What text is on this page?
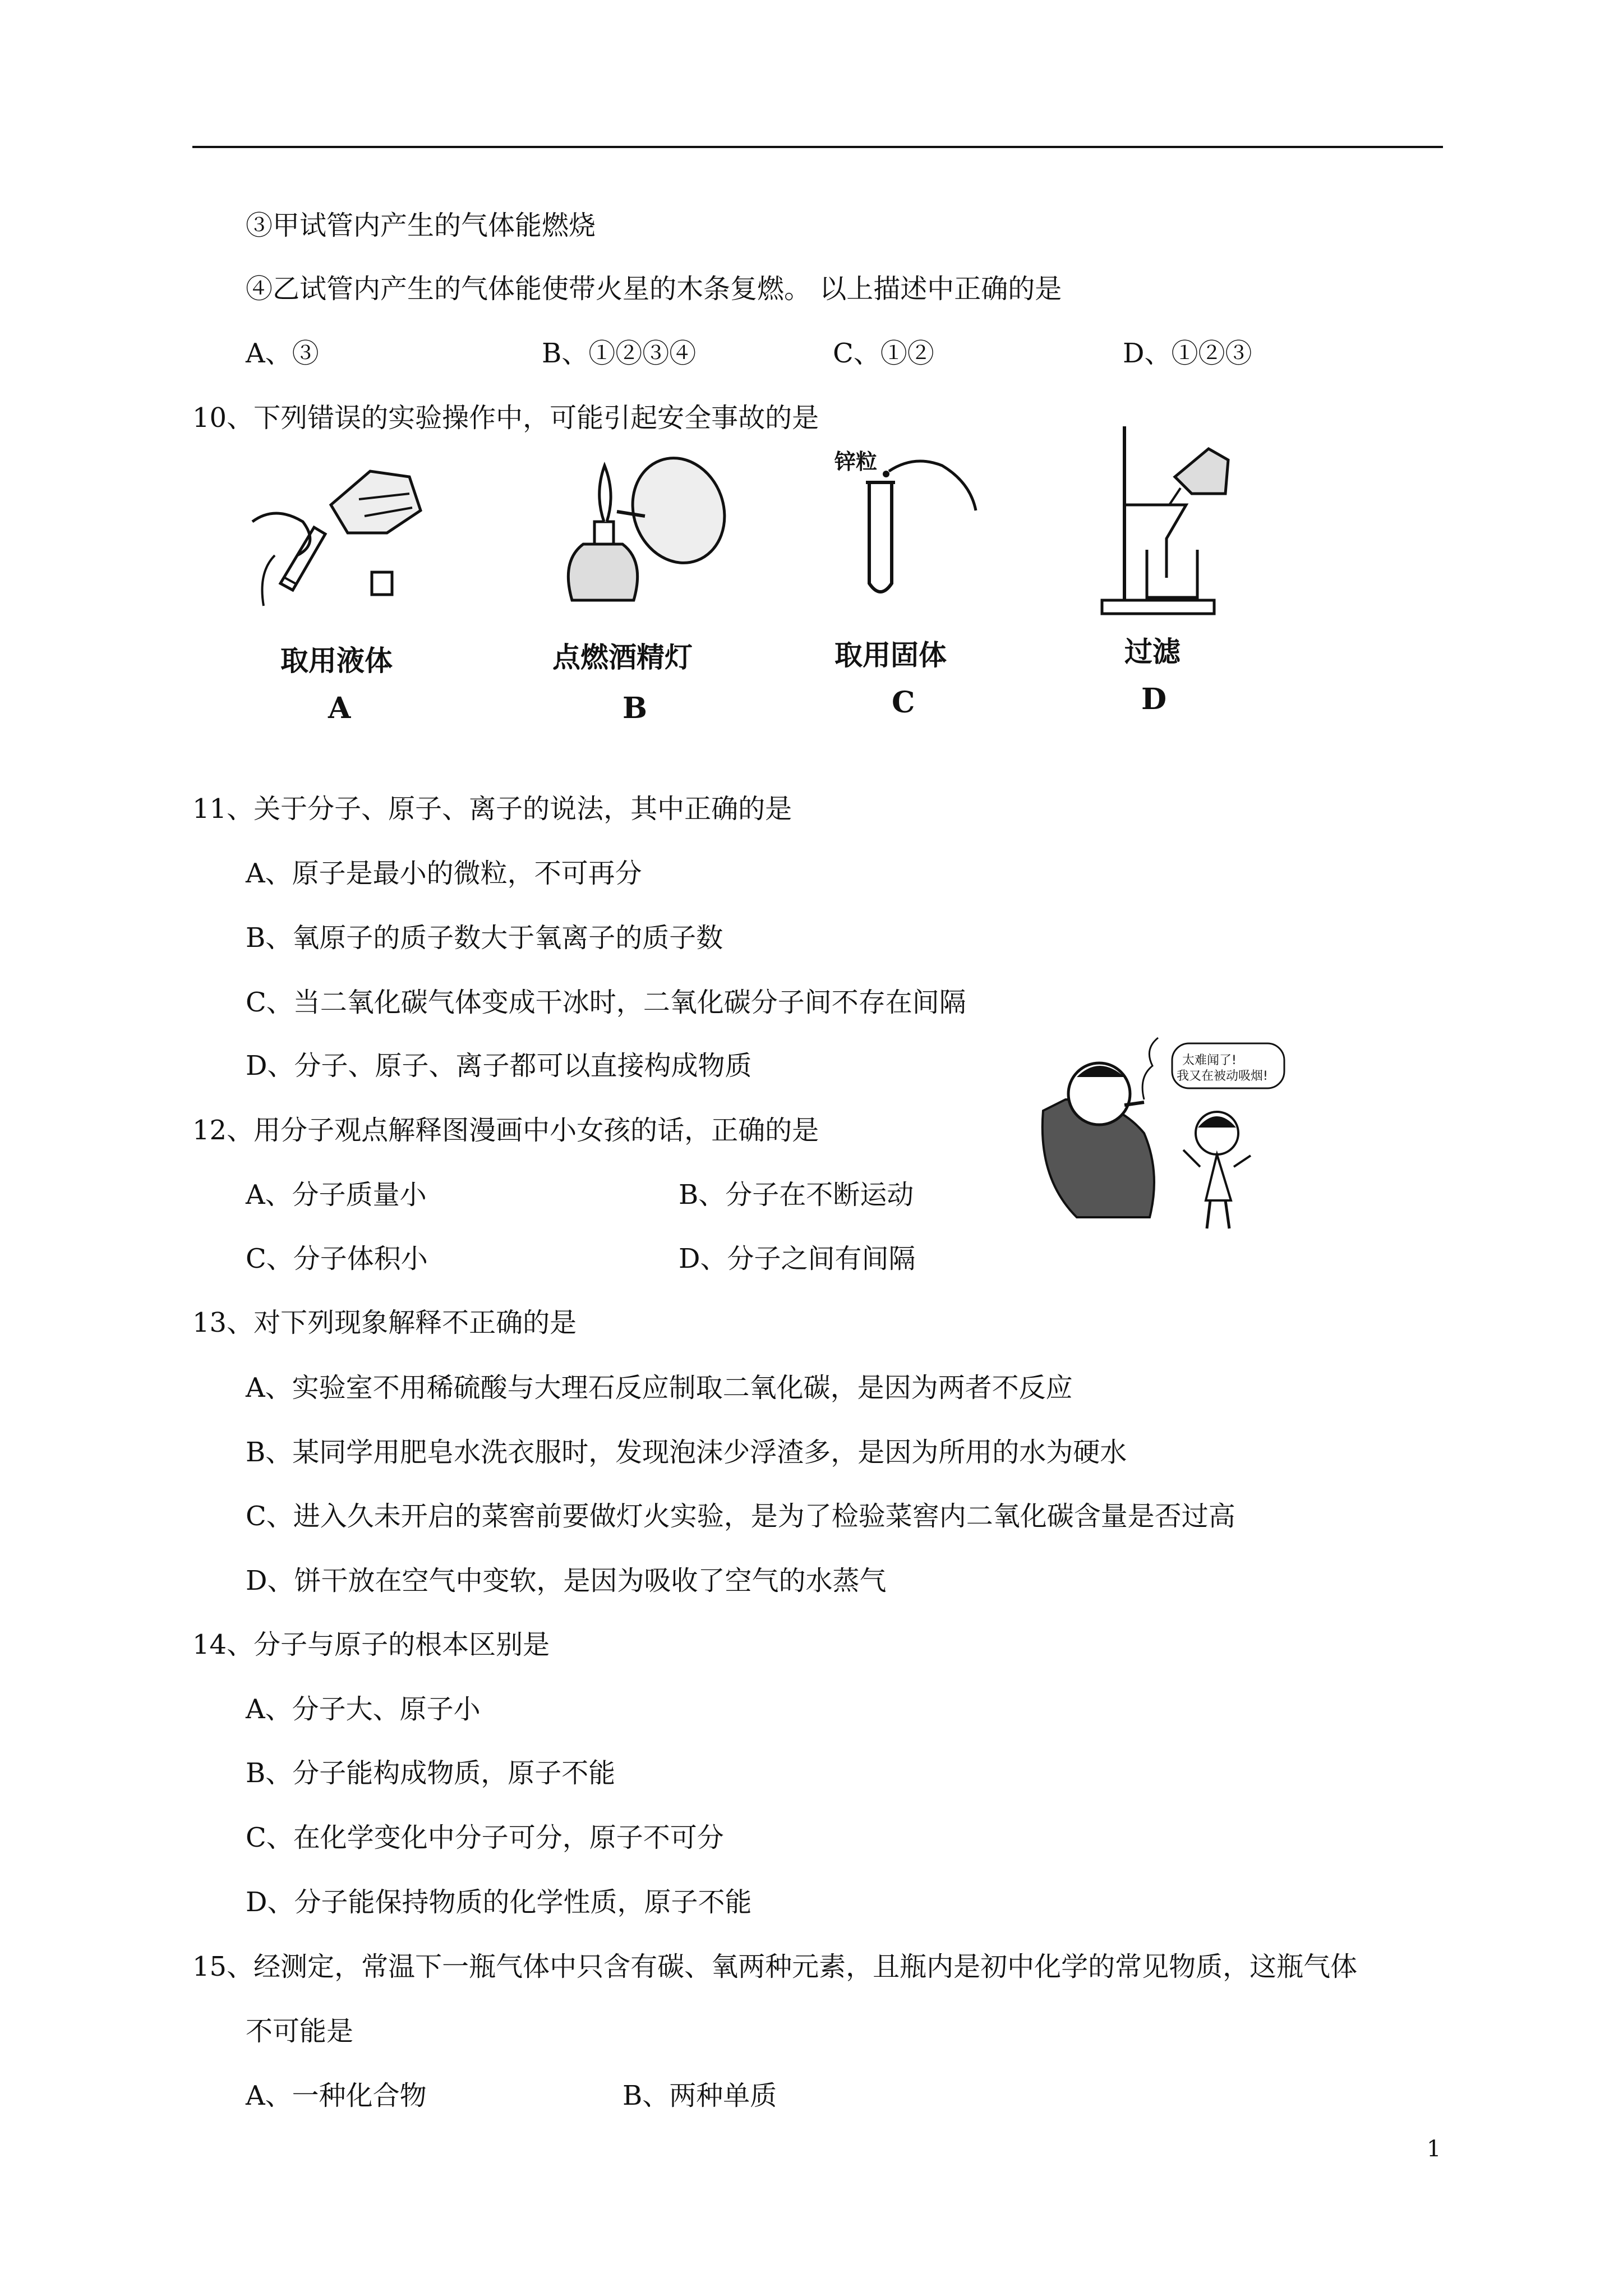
③甲试管内产生的气体能燃烧
④乙试管内产生的气体能使带火星的木条复燃。 以上描述中正确的是
A、③	B、①②③④	C、①②	D、①②③
10、下列错误的实验操作中，可能引起安全事故的是
取用液体
A
点燃酒精灯
B
锌粒
取用固体
C
过滤
D
11、关于分子、原子、离子的说法，其中正确的是
A、原子是最小的微粒，不可再分
B、氧原子的质子数大于氧离子的质子数
C、当二氧化碳气体变成干冰时，二氧化碳分子间不存在间隔
D、分子、原子、离子都可以直接构成物质	太难闻了!
我又在被动吸烟!
12、用分子观点解释图漫画中小女孩的话，正确的是
A、分子质量小	B、分子在不断运动
C、分子体积小	D、分子之间有间隔
13、对下列现象解释不正确的是
A、实验室不用稀硫酸与大理石反应制取二氧化碳，是因为两者不反应
B、某同学用肥皂水洗衣服时，发现泡沫少浮渣多，是因为所用的水为硬水
C、进入久未开启的菜窖前要做灯火实验，是为了检验菜窖内二氧化碳含量是否过高
D、饼干放在空气中变软，是因为吸收了空气的水蒸气
14、分子与原子的根本区别是
A、分子大、原子小
B、分子能构成物质，原子不能
C、在化学变化中分子可分，原子不可分
D、分子能保持物质的化学性质，原子不能
15、经测定，常温下一瓶气体中只含有碳、氧两种元素，且瓶内是初中化学的常见物质，这瓶气体
不可能是
A、一种化合物	B、两种单质
1
